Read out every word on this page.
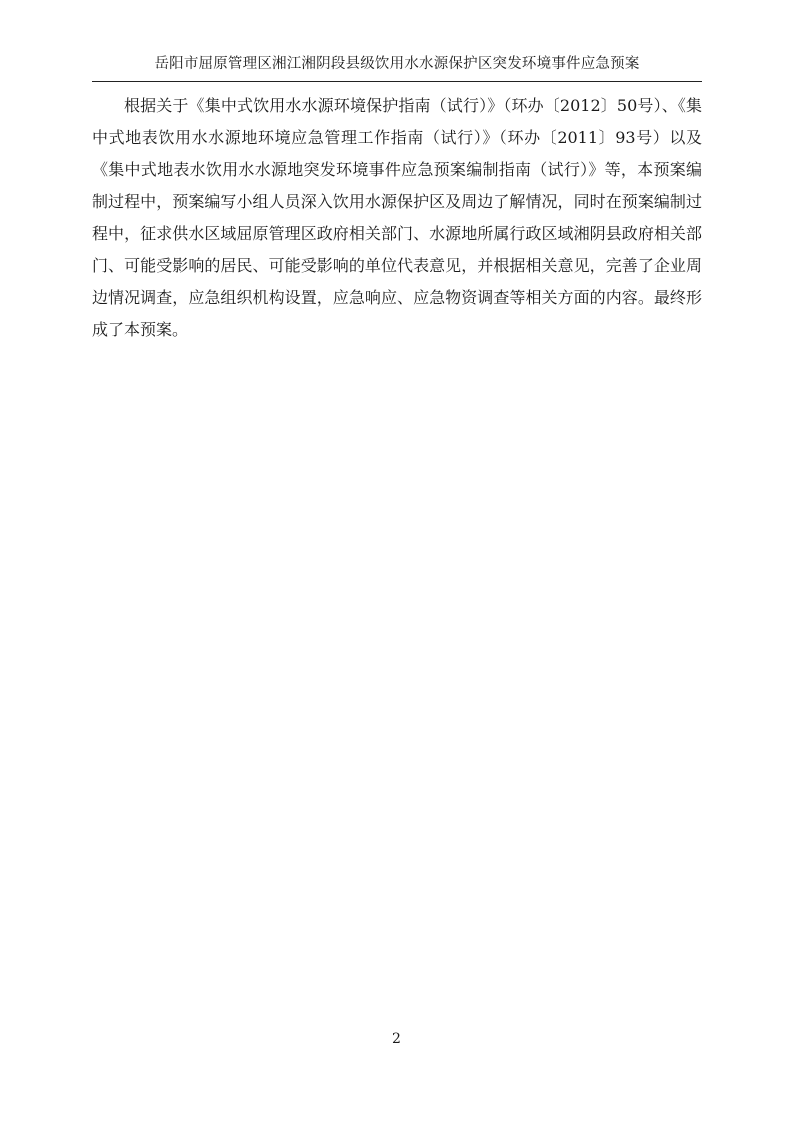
岳阳市屈原管理区湘江湘阴段县级饮用水水源保护区突发环境事件应急预案

根据关于《集中式饮用水水源环境保护指南（试行）》（环办〔2012〕50号）、《集中式地表饮用水水源地环境应急管理工作指南（试行）》（环办〔2011〕93号）以及《集中式地表水饮用水水源地突发环境事件应急预案编制指南（试行）》等，本预案编制过程中，预案编写小组人员深入饮用水源保护区及周边了解情况，同时在预案编制过程中，征求供水区域屈原管理区政府相关部门、水源地所属行政区域湘阴县政府相关部门、可能受影响的居民、可能受影响的单位代表意见，并根据相关意见，完善了企业周边情况调查，应急组织机构设置，应急响应、应急物资调查等相关方面的内容。最终形成了本预案。

2
